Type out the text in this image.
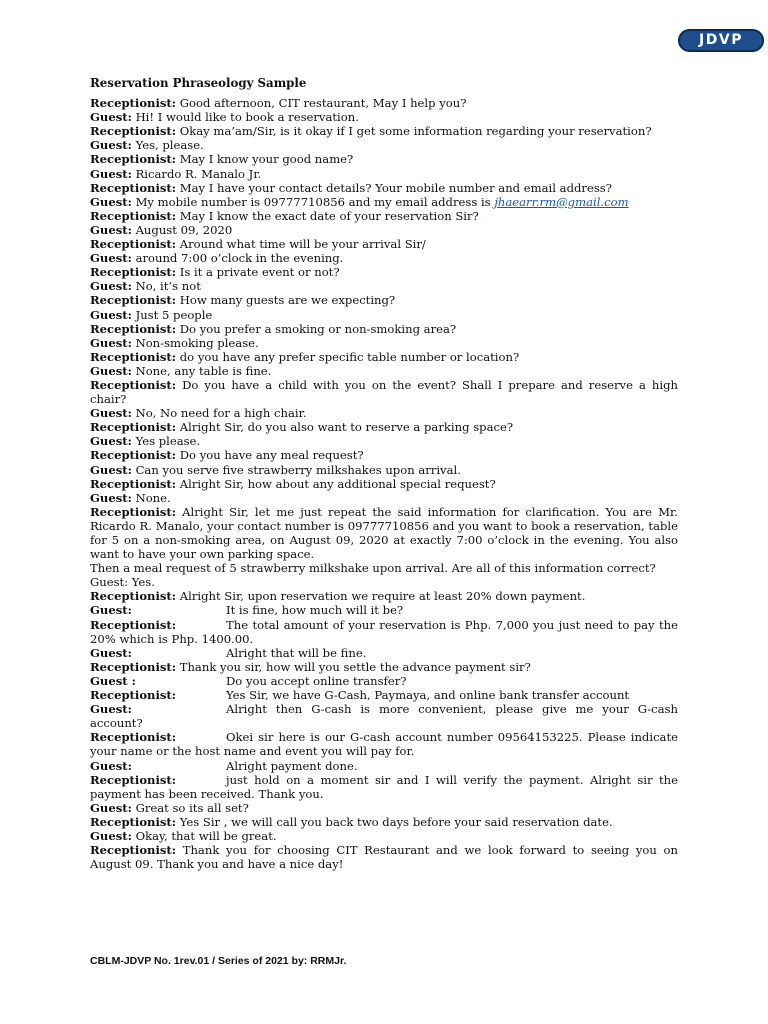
JDVP

Reservation Phraseology Sample

Receptionist: Good afternoon, CIT restaurant, May I help you?

Guest: Hi! I would like to book a reservation.

Receptionist: Okay ma’am/Sir, is it okay if I get some information regarding your reservation?

Guest: Yes, please.

Receptionist: May I know your good name?

Guest: Ricardo R. Manalo Jr.

Receptionist: May I have your contact details? Your mobile number and email address?

Guest: My mobile number is 09777710856 and my email address is jhaearr.rm@gmail.com

Receptionist: May I know the exact date of your reservation Sir?

Guest: August 09, 2020

Receptionist: Around what time will be your arrival Sir/

Guest: around 7:00 o’clock in the evening.

Receptionist: Is it a private event or not?

Guest: No, it’s not

Receptionist: How many guests are we expecting?

Guest: Just 5 people

Receptionist: Do you prefer a smoking or non-smoking area?

Guest: Non-smoking please.

Receptionist: do you have any prefer specific table number or location?

Guest: None, any table is fine.

Receptionist: Do you have a child with you on the event? Shall I prepare and reserve a high chair?

Guest: No, No need for a high chair.

Receptionist: Alright Sir, do you also want to reserve a parking space?

Guest: Yes please.

Receptionist: Do you have any meal request?

Guest: Can you serve five strawberry milkshakes upon arrival.

Receptionist: Alright Sir, how about any additional special request?

Guest: None.

Receptionist: Alright Sir, let me just repeat the said information for clarification. You are Mr. Ricardo R. Manalo, your contact number is 09777710856 and you want to book a reservation, table for 5 on a non-smoking area, on August 09, 2020 at exactly 7:00 o’clock in the evening. You also want to have your own parking space.

Then a meal request of 5 strawberry milkshake upon arrival. Are all of this information correct?

Guest: Yes.

Receptionist: Alright Sir, upon reservation we require at least 20% down payment.

Guest:	It is fine, how much will it be?

Receptionist:	The total amount of your reservation is Php. 7,000 you just need to pay the 20% which is Php. 1400.00.

Guest:	Alright that will be fine.

Receptionist: Thank you sir, how will you settle the advance payment sir?

Guest :	Do you accept online transfer?

Receptionist:	Yes Sir, we have G-Cash, Paymaya, and online bank transfer account

Guest:	Alright then G-cash is more convenient, please give me your G-cash account?

Receptionist:	Okei sir here is our G-cash account number 09564153225. Please indicate your name or the host name and event you will pay for.

Guest:	Alright payment done.

Receptionist:	just hold on a moment sir and I will verify the payment. Alright sir the payment has been received. Thank you.

Guest: Great so its all set?

Receptionist: Yes Sir , we will call you back two days before your said reservation date.

Guest: Okay, that will be great.

Receptionist: Thank you for choosing CIT Restaurant and we look forward to seeing you on August 09. Thank you and have a nice day!

CBLM-JDVP No. 1rev.01 / Series of 2021 by: RRMJr.
